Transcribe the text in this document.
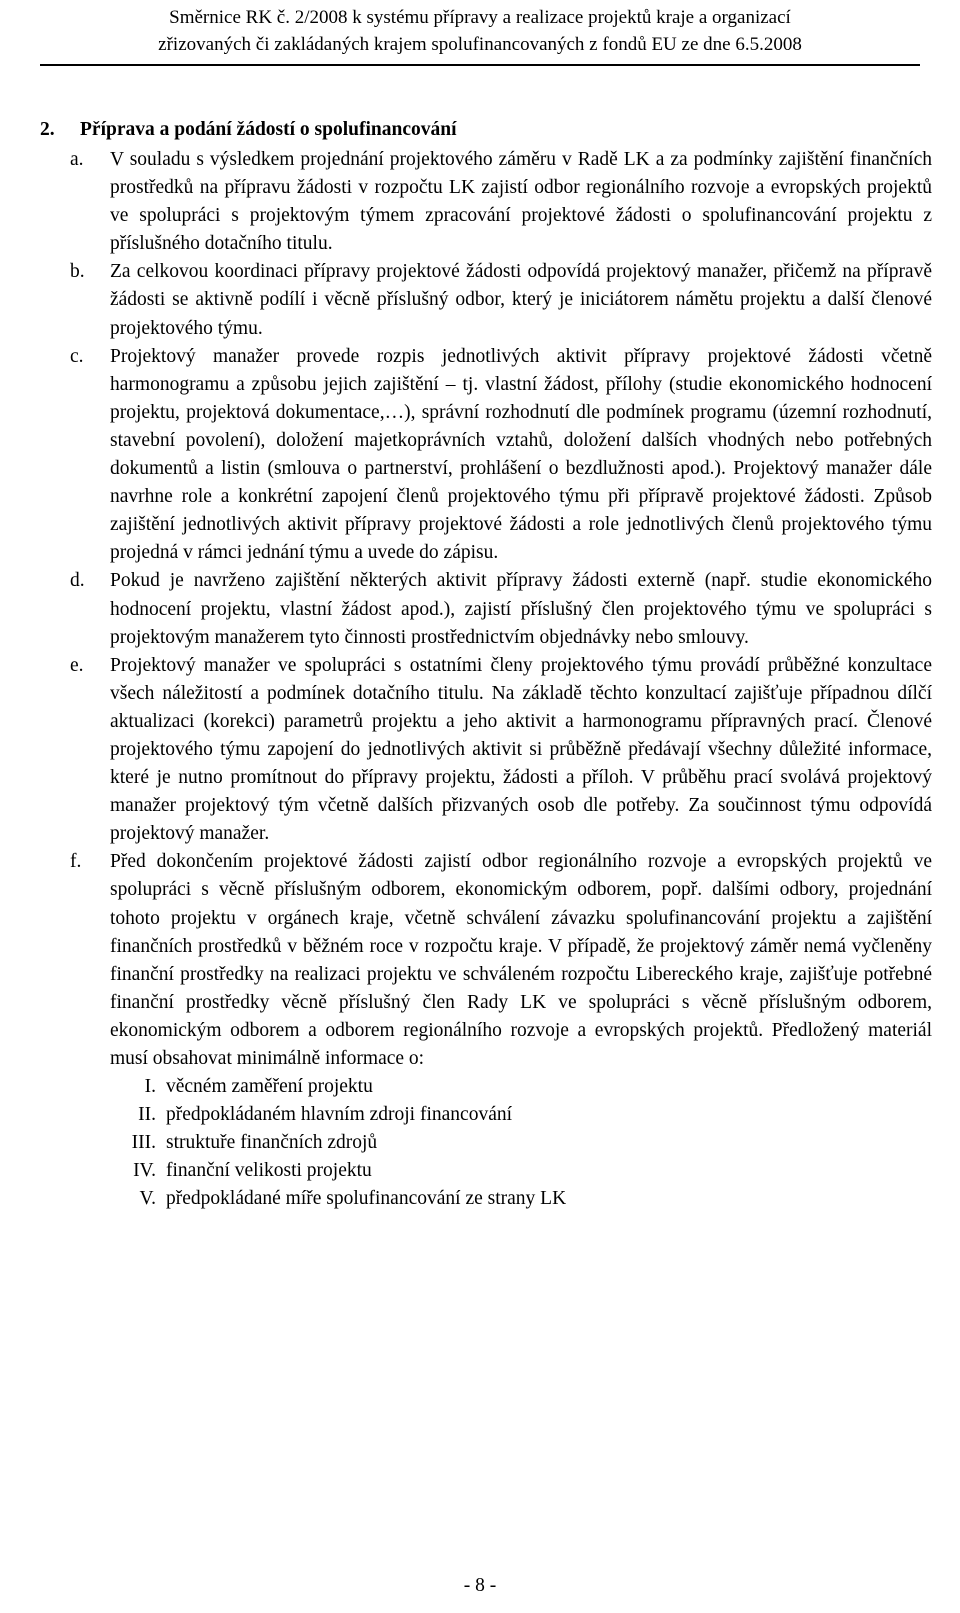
Směrnice RK č. 2/2008 k systému přípravy a realizace projektů kraje a organizací
zřizovaných či zakládaných krajem spolufinancovaných z fondů EU ze dne 6.5.2008
2. Příprava a podání žádostí o spolufinancování
a. V souladu s výsledkem projednání projektového záměru v Radě LK a za podmínky zajištění finančních prostředků na přípravu žádosti v rozpočtu LK zajistí odbor regionálního rozvoje a evropských projektů ve spolupráci s projektovým týmem zpracování projektové žádosti o spolufinancování projektu z příslušného dotačního titulu.
b. Za celkovou koordinaci přípravy projektové žádosti odpovídá projektový manažer, přičemž na přípravě žádosti se aktivně podílí i věcně příslušný odbor, který je iniciátorem námětu projektu a další členové projektového týmu.
c. Projektový manažer provede rozpis jednotlivých aktivit přípravy projektové žádosti včetně harmonogramu a způsobu jejich zajištění – tj. vlastní žádost, přílohy (studie ekonomického hodnocení projektu, projektová dokumentace,…), správní rozhodnutí dle podmínek programu (územní rozhodnutí, stavební povolení), doložení majetkoprávních vztahů, doložení dalších vhodných nebo potřebných dokumentů a listin (smlouva o partnerství, prohlášení o bezdlužnosti apod.). Projektový manažer dále navrhne role a konkrétní zapojení členů projektového týmu při přípravě projektové žádosti. Způsob zajištění jednotlivých aktivit přípravy projektové žádosti a role jednotlivých členů projektového týmu projedná v rámci jednání týmu a uvede do zápisu.
d. Pokud je navrženo zajištění některých aktivit přípravy žádosti externě (např. studie ekonomického hodnocení projektu, vlastní žádost apod.), zajistí příslušný člen projektového týmu ve spolupráci s projektovým manažerem tyto činnosti prostřednictvím objednávky nebo smlouvy.
e. Projektový manažer ve spolupráci s ostatními členy projektového týmu provádí průběžné konzultace všech náležitostí a podmínek dotačního titulu. Na základě těchto konzultací zajišťuje případnou dílčí aktualizaci (korekci) parametrů projektu a jeho aktivit a harmonogramu přípravných prací. Členové projektového týmu zapojení do jednotlivých aktivit si průběžně předávají všechny důležité informace, které je nutno promítnout do přípravy projektu, žádosti a příloh. V průběhu prací svolává projektový manažer projektový tým včetně dalších přizvaných osob dle potřeby. Za součinnost týmu odpovídá projektový manažer.
f. Před dokončením projektové žádosti zajistí odbor regionálního rozvoje a evropských projektů ve spolupráci s věcně příslušným odborem, ekonomickým odborem, popř. dalšími odbory, projednání tohoto projektu v orgánech kraje, včetně schválení závazku spolufinancování projektu a zajištění finančních prostředků v běžném roce v rozpočtu kraje. V případě, že projektový záměr nemá vyčleněny finanční prostředky na realizaci projektu ve schváleném rozpočtu Libereckého kraje, zajišťuje potřebné finanční prostředky věcně příslušný člen Rady LK ve spolupráci s věcně příslušným odborem, ekonomickým odborem a odborem regionálního rozvoje a evropských projektů. Předložený materiál musí obsahovat minimálně informace o:
I. věcném zaměření projektu
II. předpokládaném hlavním zdroji financování
III. struktuře finančních zdrojů
IV. finanční velikosti projektu
V. předpokládané míře spolufinancování ze strany LK
- 8 -
